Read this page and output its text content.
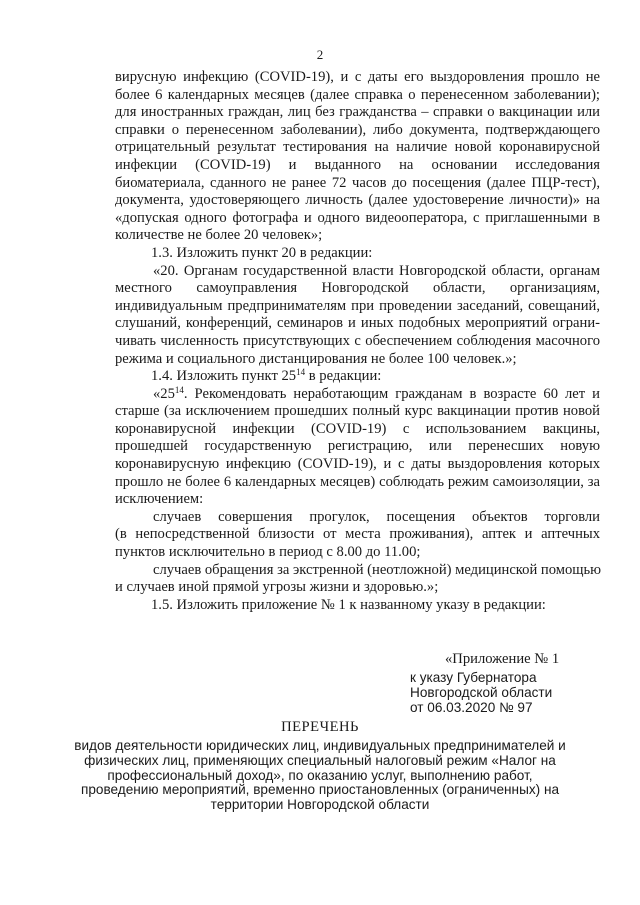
2
вирусную инфекцию (COVID-19), и с даты его выздоровления прошло не
более 6 календарных месяцев (далее справка о перенесенном заболевании);
для иностранных граждан, лиц без гражданства – справки о вакцинации или
справки о перенесенном заболевании), либо документа, подтверждающего
отрицательный результат тестирования на наличие новой коронавирусной
инфекции (COVID-19) и выданного на основании исследования
биоматериала, сданного не ранее 72 часов до посещения (далее ПЦР-тест),
документа, удостоверяющего личность (далее удостоверение личности)» на
«допуская одного фотографа и одного видеооператора, с приглашенными в
количестве не более 20 человек»;
1.3. Изложить пункт 20 в редакции:
«20. Органам государственной власти Новгородской области, органам
местного самоуправления Новгородской области, организациям,
индивидуальным предпринимателям при проведении заседаний, совещаний,
слушаний, конференций, семинаров и иных подобных мероприятий ограни-
чивать численность присутствующих с обеспечением соблюдения масочного
режима и социального дистанцирования не более 100 человек.»;
1.4. Изложить пункт $25^{14}$ в редакции:
«$25^{14}$. Рекомендовать неработающим гражданам в возрасте 60 лет и
старше (за исключением прошедших полный курс вакцинации против новой
коронавирусной инфекции (COVID-19) с использованием вакцины,
прошедшей государственную регистрацию, или перенесших новую
коронавирусную инфекцию (COVID-19), и с даты выздоровления которых
прошло не более 6 календарных месяцев) соблюдать режим самоизоляции, за
исключением:
случаев совершения прогулок, посещения объектов торговли
(в непосредственной близости от места проживания), аптек и аптечных
пунктов исключительно в период с 8.00 до 11.00;
случаев обращения за экстренной (неотложной) медицинской помощью
и случаев иной прямой угрозы жизни и здоровью.»;
1.5. Изложить приложение № 1 к названному указу в редакции:
«Приложение № 1
к указу Губернатора
Новгородской области
от 06.03.2020 № 97
ПЕРЕЧЕНЬ
видов деятельности юридических лиц, индивидуальных предпринимателей и
физических лиц, применяющих специальный налоговый режим «Налог на
профессиональный доход», по оказанию услуг, выполнению работ,
проведению мероприятий, временно приостановленных (ограниченных) на
территории Новгородской области
